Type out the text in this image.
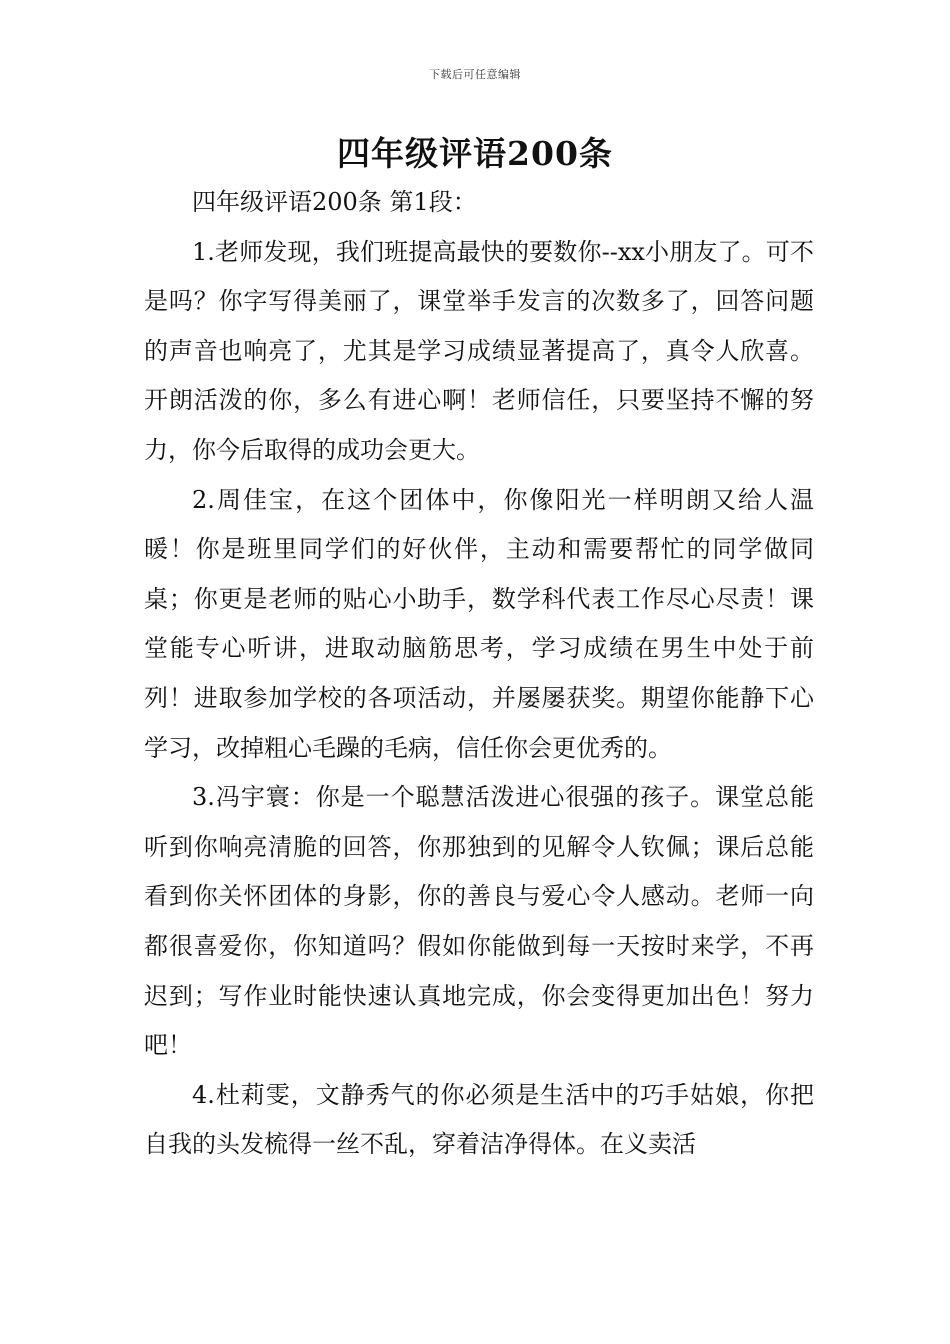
下载后可任意编辑
四年级评语200条

四年级评语200条 第1段：

1.老师发现，我们班提高最快的要数你--xx小朋友了。可不是吗？你字写得美丽了，课堂举手发言的次数多了，回答问题的声音也响亮了，尤其是学习成绩显著提高了，真令人欣喜。开朗活泼的你，多么有进心啊！老师信任，只要坚持不懈的努力，你今后取得的成功会更大。

2.周佳宝，在这个团体中，你像阳光一样明朗又给人温暖！你是班里同学们的好伙伴，主动和需要帮忙的同学做同桌；你更是老师的贴心小助手，数学科代表工作尽心尽责！课堂能专心听讲，进取动脑筋思考，学习成绩在男生中处于前列！进取参加学校的各项活动，并屡屡获奖。期望你能静下心学习，改掉粗心毛躁的毛病，信任你会更优秀的。

3.冯宇寰：你是一个聪慧活泼进心很强的孩子。课堂总能听到你响亮清脆的回答，你那独到的见解令人钦佩；课后总能看到你关怀团体的身影，你的善良与爱心令人感动。老师一向都很喜爱你，你知道吗？假如你能做到每一天按时来学，不再迟到；写作业时能快速认真地完成，你会变得更加出色！努力吧！

4.杜莉雯，文静秀气的你必须是生活中的巧手姑娘，你把自我的头发梳得一丝不乱，穿着洁净得体。在义卖活
